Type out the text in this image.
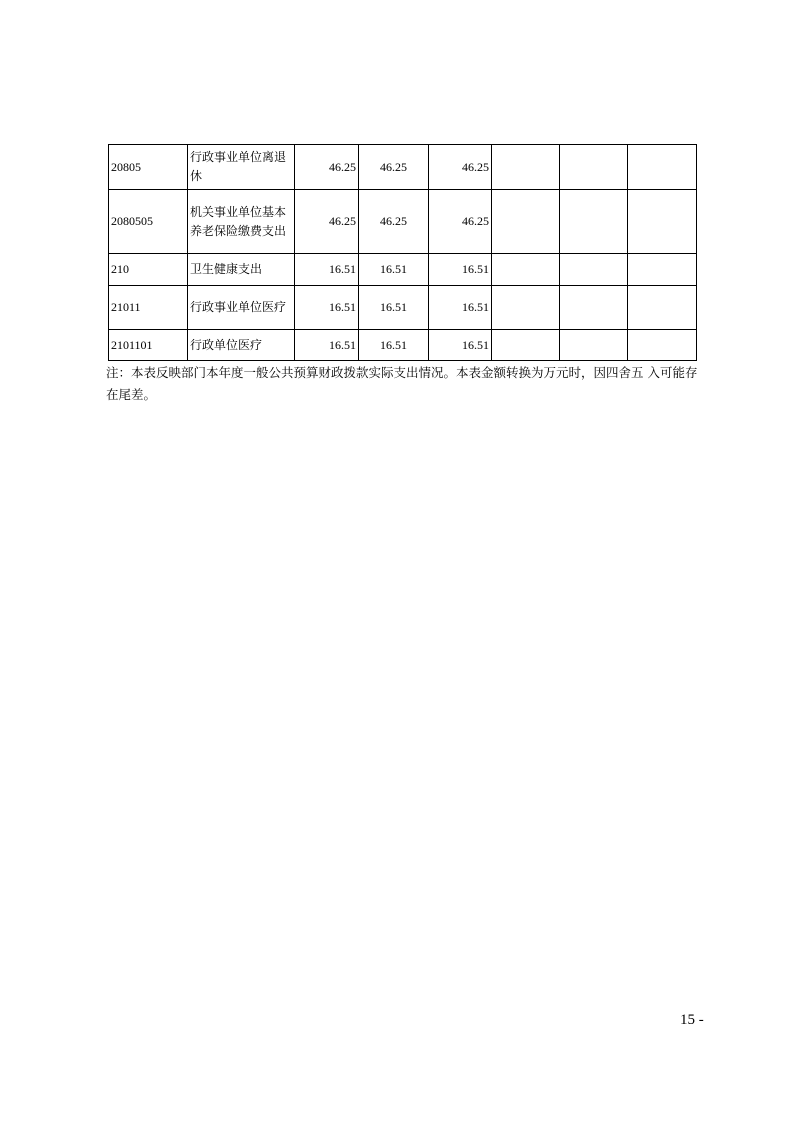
20805	行政事业单位离退休	46.25	46.25	46.25			
2080505	机关事业单位基本养老保险缴费支出	46.25	46.25	46.25			
210	卫生健康支出	16.51	16.51	16.51			
21011	行政事业单位医疗	16.51	16.51	16.51			
2101101	行政单位医疗	16.51	16.51	16.51			
注：本表反映部门本年度一般公共预算财政拨款实际支出情况。本表金额转换为万元时，因四舍五 入可能存在尾差。
15 -
